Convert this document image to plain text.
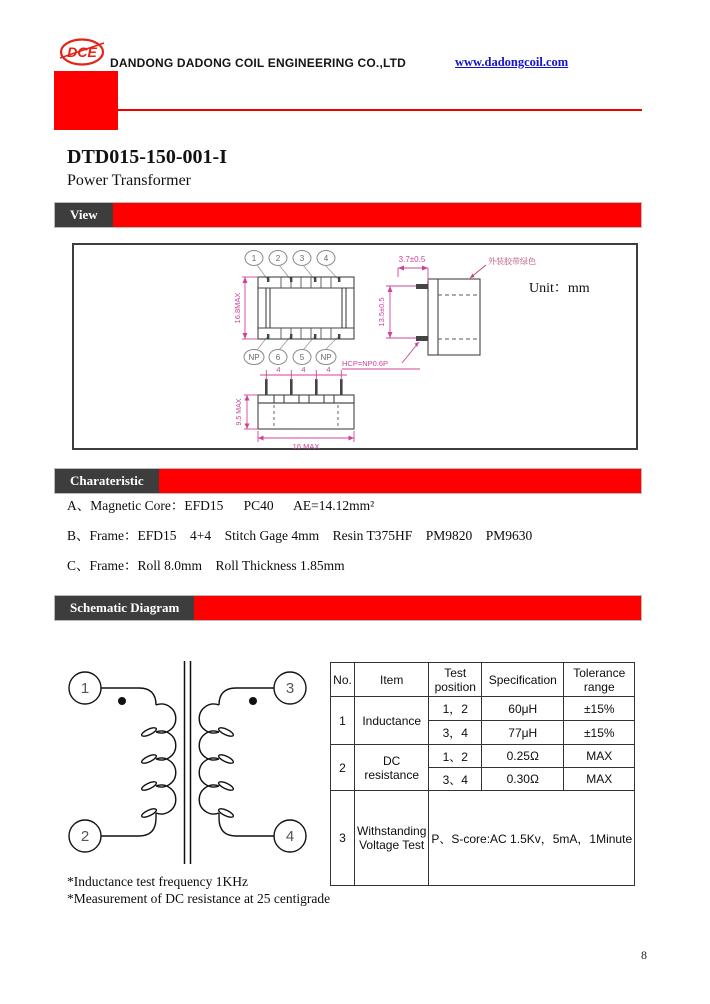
DCE
DANDONG DADONG COIL ENGINEERING CO.,LTD	www.dadongcoil.com
DTD015-150-001-I
Power Transformer
View
1 2 3 4
NP 6 5 NP
16.8MAX
3.7±0.5
13.5±0.5
HCP=NP0.6P
外装胶带绿色
Unit：mm
4	4	4
9.5 MAX
16 MAX
Charateristic
A、Magnetic Core：EFD15      PC40      AE=14.12mm²
B、Frame：EFD15    4+4    Stitch Gage 4mm    Resin T375HF    PM9820    PM9630
C、Frame：Roll 8.0mm    Roll Thickness 1.85mm
Schematic Diagram
1
2
3
4
No.	Item	Test position	Specification	Tolerance range
1	Inductance	1，2	60μH	±15%
		3，4	77μH	±15%
2	DC resistance	1、2	0.25Ω	MAX
		3、4	0.30Ω	MAX
3	Withstanding Voltage Test	P、S-core:AC 1.5Kv，5mA，1Minute		
*Inductance test frequency 1KHz
*Measurement of DC resistance at 25 centigrade
8
